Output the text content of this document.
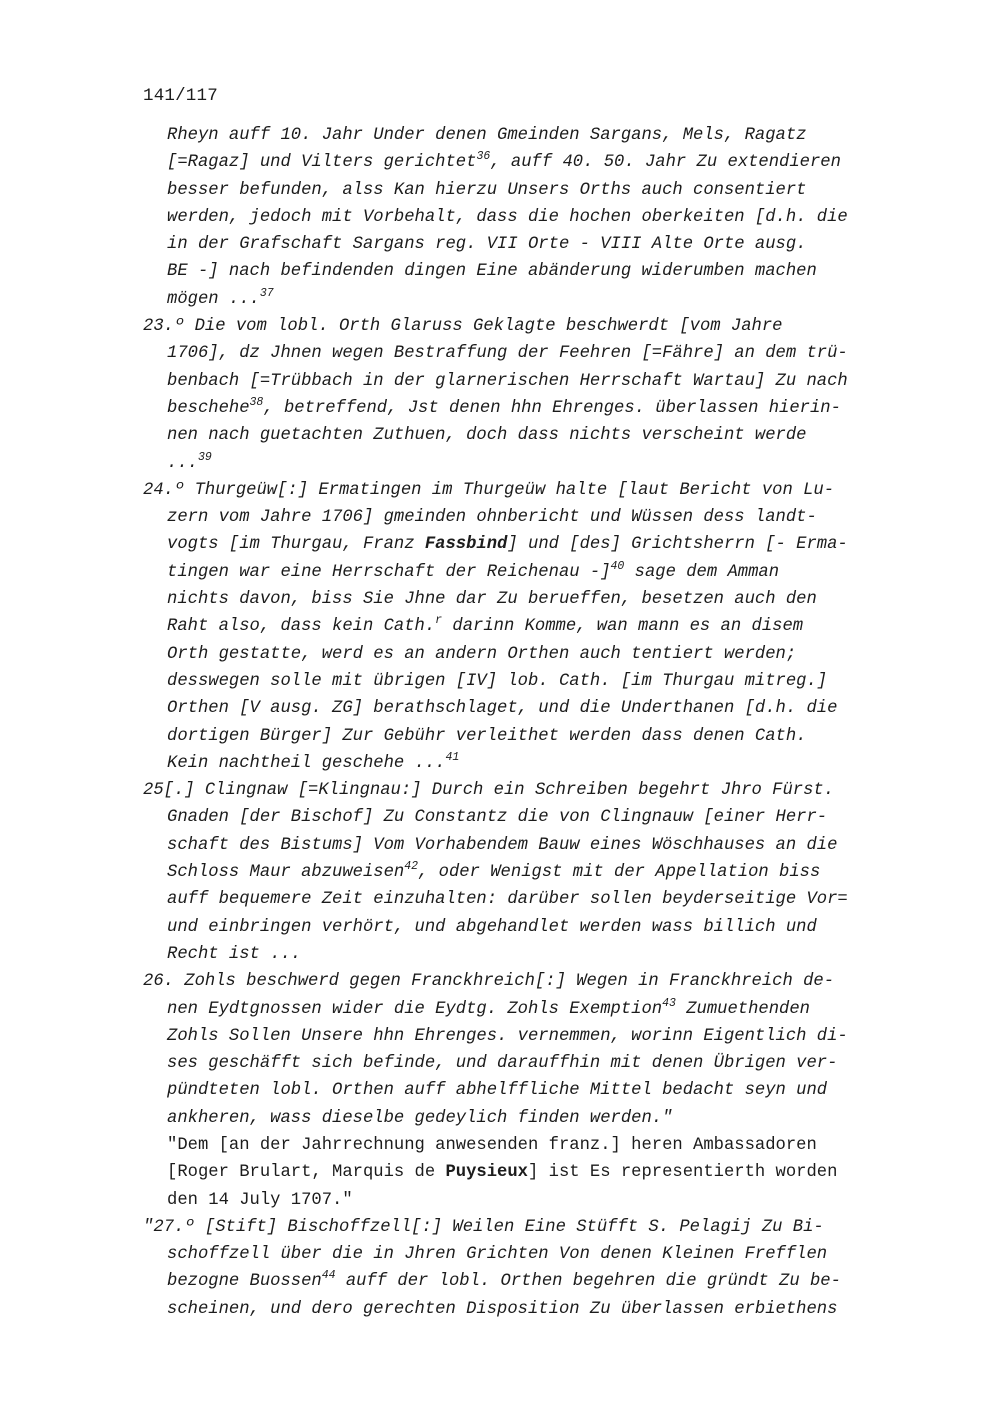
141/117
Rheyn auff 10. Jahr Under denen Gmeinden Sargans, Mels, Ragatz
[=Ragaz] und Vilters gerichtet$^{36}$, auff 40. 50. Jahr Zu extendieren
besser befunden, alss Kan hierzu Unsers Orths auch consentiert
werden, jedoch mit Vorbehalt, dass die hochen oberkeiten [d.h. die
in der Grafschaft Sargans reg. VII Orte - VIII Alte Orte ausg.
BE -] nach befindenden dingen Eine abänderung widerumben machen
mögen ...$^{37}$
23.º Die vom lobl. Orth Glaruss Geklagte beschwerdt [vom Jahre
1706], dz Jhnen wegen Bestraffung der Feehren [=Fähre] an dem trü-
benbach [=Trübbach in der glarnerischen Herrschaft Wartau] Zu nach
beschehe$^{38}$, betreffend, Jst denen hhn Ehrenges. überlassen hierin-
nen nach guetachten Zuthuen, doch dass nichts verscheint werde
...$^{39}$
24.º Thurgeüw[:] Ermatingen im Thurgeüw halte [laut Bericht von Lu-
zern vom Jahre 1706] gmeinden ohnbericht und Wüssen dess landt-
vogts [im Thurgau, Franz Fassbind] und [des] Grichtsherrn [- Erma-
tingen war eine Herrschaft der Reichenau -]$^{40}$ sage dem Amman
nichts davon, biss Sie Jhne dar Zu berueffen, besetzen auch den
Raht also, dass kein Cath.$^r$ darinn Komme, wan mann es an disem
Orth gestatte, werd es an andern Orthen auch tentiert werden;
desswegen solle mit übrigen [IV] lob. Cath. [im Thurgau mitreg.]
Orthen [V ausg. ZG] berathschlaget, und die Underthanen [d.h. die
dortigen Bürger] Zur Gebühr verleithet werden dass denen Cath.
Kein nachtheil geschehe ...$^{41}$
25[.] Clingnaw [=Klingnau:] Durch ein Schreiben begehrt Jhro Fürst.
Gnaden [der Bischof] Zu Constantz die von Clingnauw [einer Herr-
schaft des Bistums] Vom Vorhabendem Bauw eines Wöschhauses an die
Schloss Maur abzuweisen$^{42}$, oder Wenigst mit der Appellation biss
auff bequemere Zeit einzuhalten: darüber sollen beyderseitige Vor=
und einbringen verhört, und abgehandlet werden wass billich und
Recht ist ...
26. Zohls beschwerd gegen Franckhreich[:] Wegen in Franckhreich de-
nen Eydtgnossen wider die Eydtg. Zohls Exemption$^{43}$ Zumuethenden
Zohls Sollen Unsere hhn Ehrenges. vernemmen, worinn Eigentlich di-
ses geschäfft sich befinde, und darauffhin mit denen Übrigen ver-
pündteten lobl. Orthen auff abhelffliche Mittel bedacht seyn und
ankheren, wass dieselbe gedeylich finden werden."
"Dem [an der Jahrrechnung anwesenden franz.] heren Ambassadoren
[Roger Brulart, Marquis de Puysieux] ist Es representierth worden
den 14 July 1707."
"27.º [Stift] Bischoffzell[:] Weilen Eine Stüfft S. Pelagij Zu Bi-
schoffzell über die in Jhren Grichten Von denen Kleinen Frefflen
bezogne Buossen$^{44}$ auff der lobl. Orthen begehren die gründt Zu be-
scheinen, und dero gerechten Disposition Zu überlassen erbiethens
